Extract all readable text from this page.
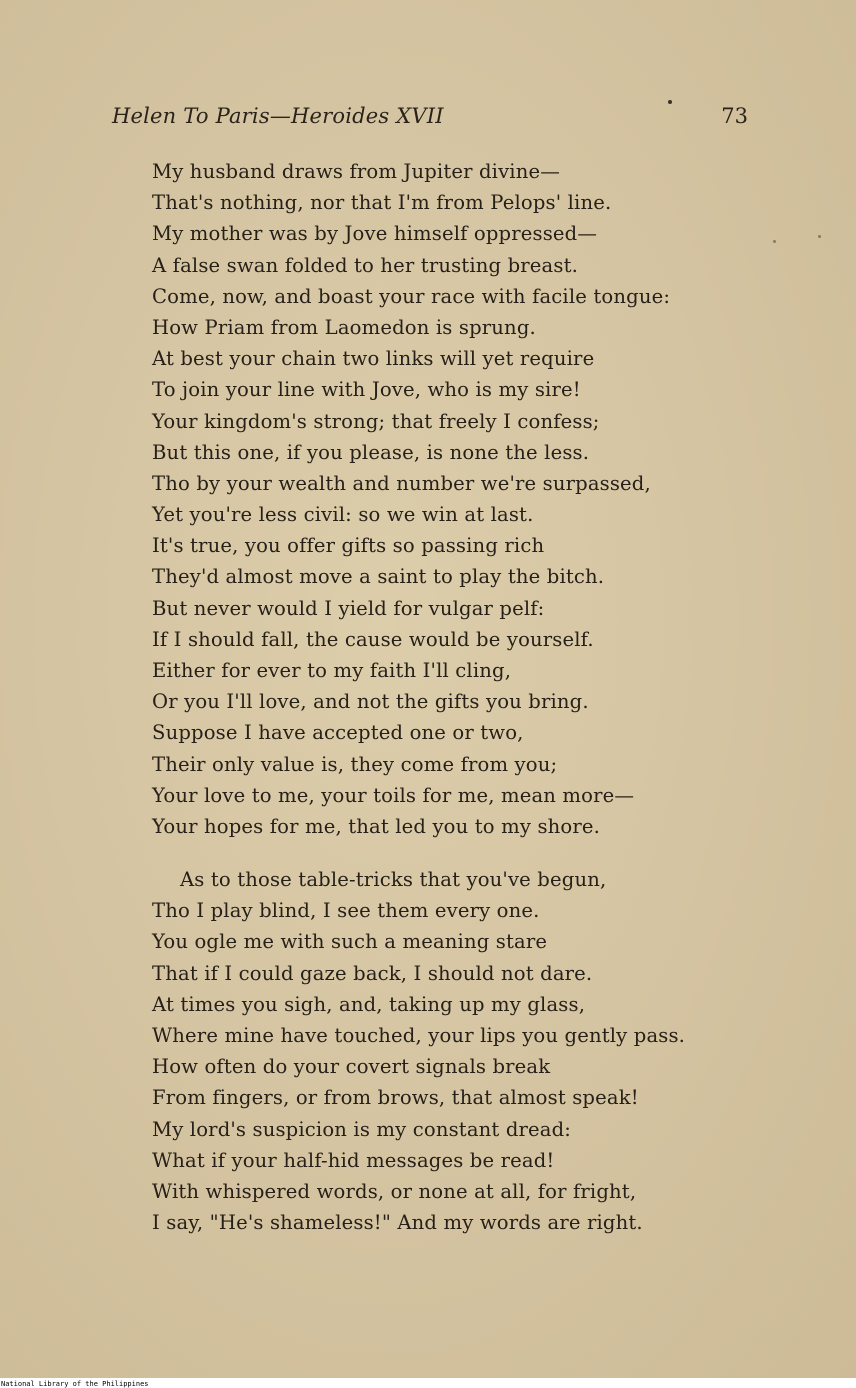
Helen To Paris—Heroides XVII	73
My husband draws from Jupiter divine—
That's nothing, nor that I'm from Pelops' line.
My mother was by Jove himself oppressed—
A false swan folded to her trusting breast.
Come, now, and boast your race with facile tongue:
How Priam from Laomedon is sprung.
At best your chain two links will yet require
To join your line with Jove, who is my sire!
Your kingdom's strong; that freely I confess;
But this one, if you please, is none the less.
Tho by your wealth and number we're surpassed,
Yet you're less civil: so we win at last.
It's true, you offer gifts so passing rich
They'd almost move a saint to play the bitch.
But never would I yield for vulgar pelf:
If I should fall, the cause would be yourself.
Either for ever to my faith I'll cling,
Or you I'll love, and not the gifts you bring.
Suppose I have accepted one or two,
Their only value is, they come from you;
Your love to me, your toils for me, mean more—
Your hopes for me, that led you to my shore.
As to those table-tricks that you've begun,
Tho I play blind, I see them every one.
You ogle me with such a meaning stare
That if I could gaze back, I should not dare.
At times you sigh, and, taking up my glass,
Where mine have touched, your lips you gently pass.
How often do your covert signals break
From fingers, or from brows, that almost speak!
My lord's suspicion is my constant dread:
What if your half-hid messages be read!
With whispered words, or none at all, for fright,
I say, "He's shameless!" And my words are right.
National Library of the Philippines
